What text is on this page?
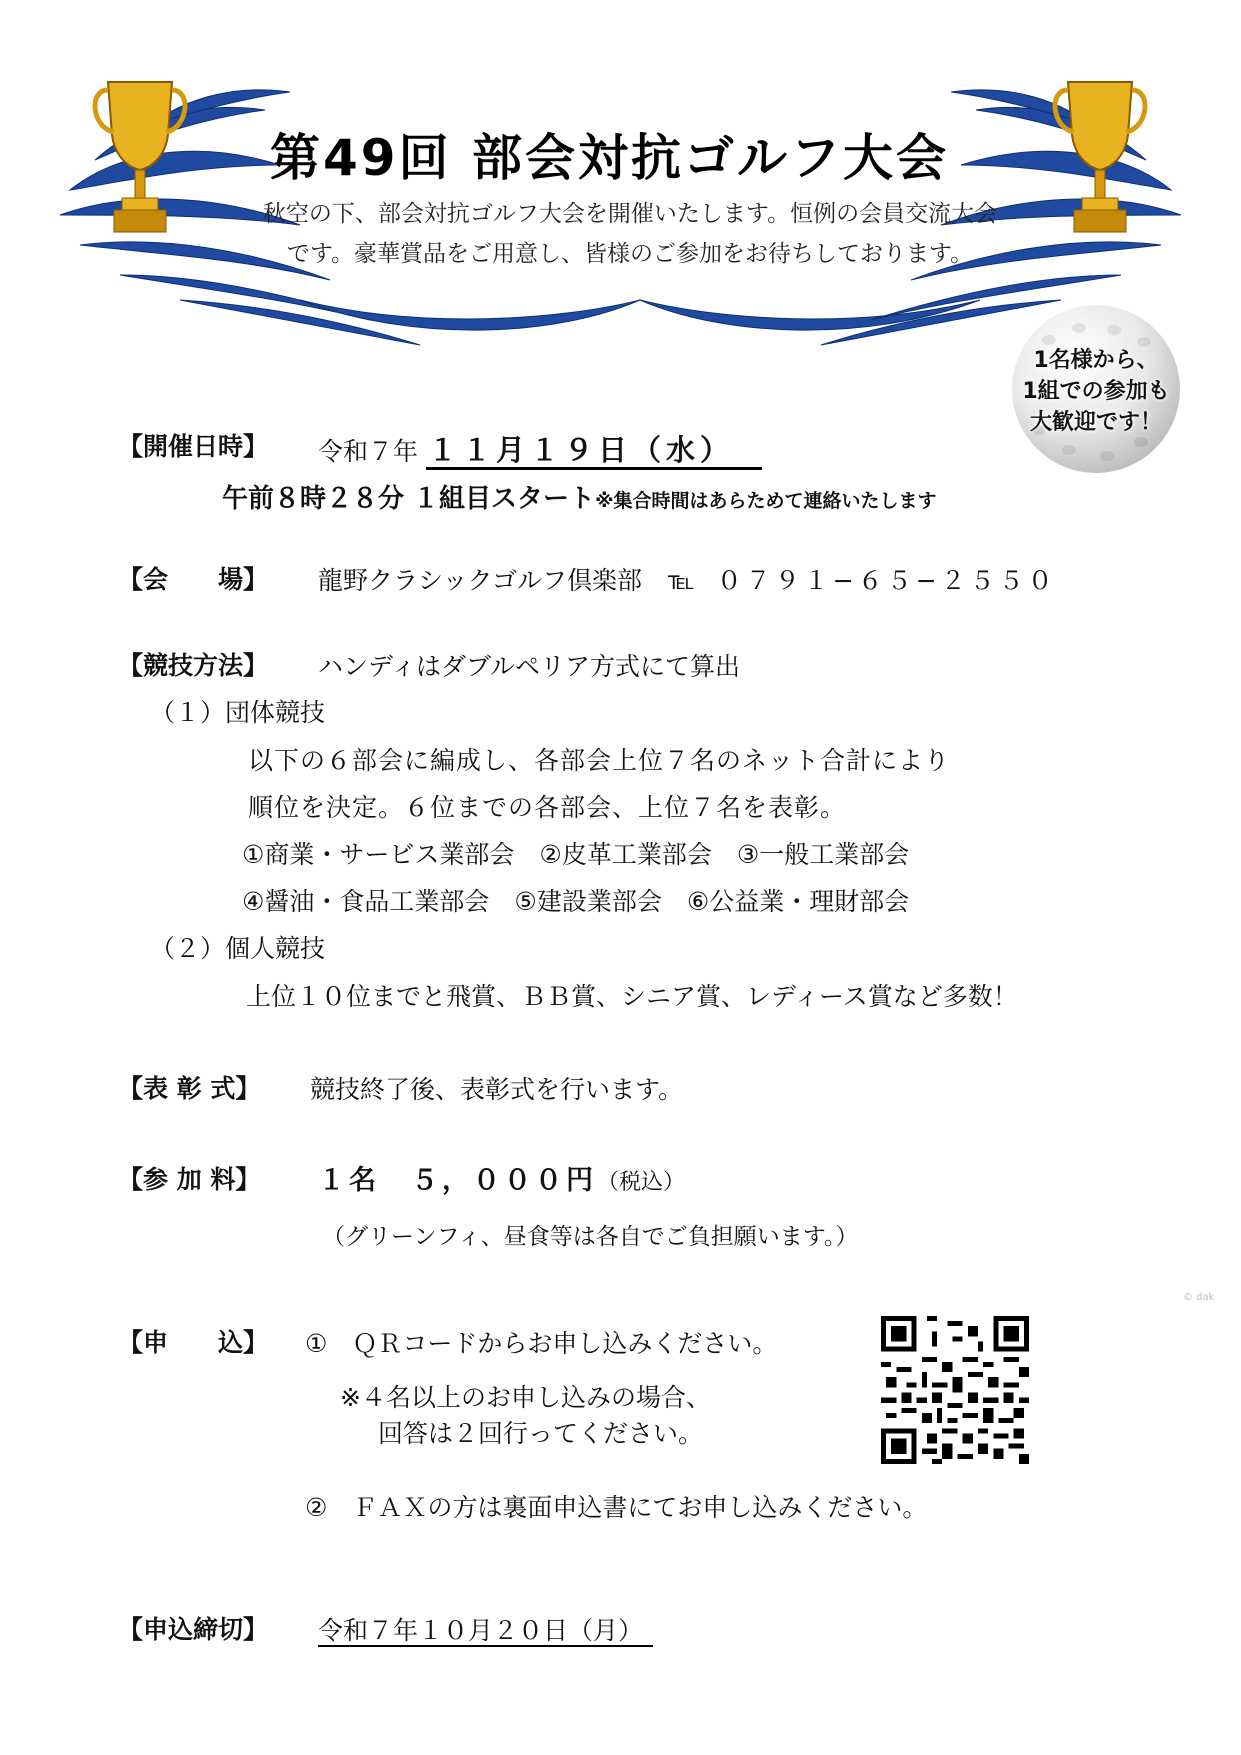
第49回 部会対抗ゴルフ大会
秋空の下、部会対抗ゴルフ大会を開催いたします。恒例の会員交流大会
です。豪華賞品をご用意し、皆様のご参加をお待ちしております。
1名様から、
1組での参加も
大歓迎です！
【開催日時】 令和７年 １１月１９日（水）
午前８時２８分 １組目スタート※集合時間はあらためて連絡いたします
【会　　場】 龍野クラシックゴルフ倶楽部 ℡ ０７９１−６５−２５５０
【競技方法】 ハンディはダブルペリア方式にて算出
（１）団体競技
以下の６部会に編成し、各部会上位７名のネット合計により
順位を決定。６位までの各部会、上位７名を表彰。
①商業・サービス業部会　②皮革工業部会　③一般工業部会
④醤油・食品工業部会　⑤建設業部会　⑥公益業・理財部会
（２）個人競技
上位１０位までと飛賞、ＢＢ賞、シニア賞、レディース賞など多数！
【表 彰 式】 競技終了後、表彰式を行います。
【参 加 料】 １名　５，０００円（税込）
（グリーンフィ、昼食等は各自でご負担願います。）
【申　　込】 ①　ＱＲコードからお申し込みください。
※４名以上のお申し込みの場合、
回答は２回行ってください。
②　ＦＡＸの方は裏面申込書にてお申し込みください。
【申込締切】 令和７年１０月２０日（月）
© dak
